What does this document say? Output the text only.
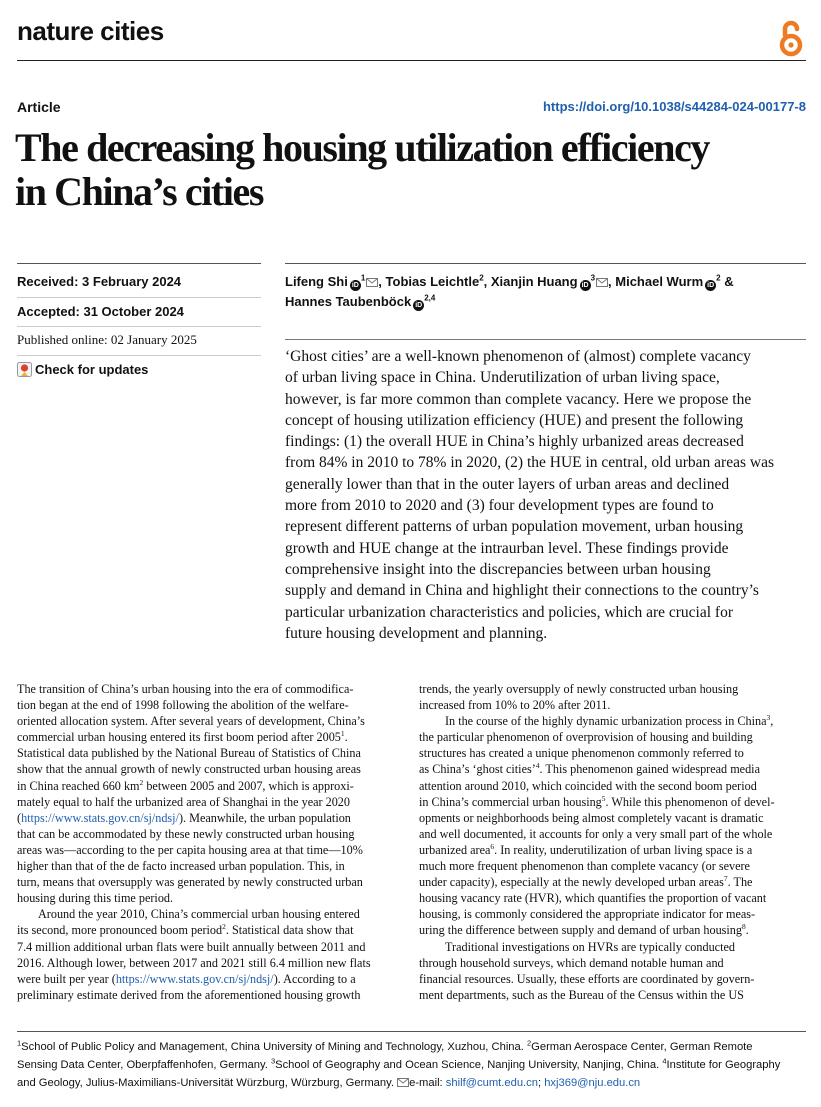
nature cities
Article	https://doi.org/10.1038/s44284-024-00177-8
The decreasing housing utilization efficiency
in China’s cities
Received: 3 February 2024
Accepted: 31 October 2024
Published online: 02 January 2025
Check for updates
Lifeng Shi $iD^1$ , Tobias Leichtle$^2$, Xianjin Huang $iD^3$ , Michael Wurm $iD^2$ &
Hannes Taubenböck iD$^{2,4}$

‘Ghost cities’ are a well-known phenomenon of (almost) complete vacancy
of urban living space in China. Underutilization of urban living space,
however, is far more common than complete vacancy. Here we propose the
concept of housing utilization efficiency (HUE) and present the following
findings: (1) the overall HUE in China’s highly urbanized areas decreased
from 84% in 2010 to 78% in 2020, (2) the HUE in central, old urban areas was
generally lower than that in the outer layers of urban areas and declined
more from 2010 to 2020 and (3) four development types are found to
represent different patterns of urban population movement, urban housing
growth and HUE change at the intraurban level. These findings provide
comprehensive insight into the discrepancies between urban housing
supply and demand in China and highlight their connections to the country’s
particular urbanization characteristics and policies, which are crucial for
future housing development and planning.

The transition of China’s urban housing into the era of commodifica-
tion began at the end of 1998 following the abolition of the welfare-
oriented allocation system. After several years of development, China’s
commercial urban housing entered its first boom period after 2005$^1$.
Statistical data published by the National Bureau of Statistics of China
show that the annual growth of newly constructed urban housing areas
in China reached 660 $km^2$ between 2005 and 2007, which is approxi-
mately equal to half the urbanized area of Shanghai in the year 2020
(https://www.stats.gov.cn/sj/ndsj/). Meanwhile, the urban population
that can be accommodated by these newly constructed urban housing
areas was—according to the per capita housing area at that time—10%
higher than that of the de facto increased urban population. This, in
turn, means that oversupply was generated by newly constructed urban
housing during this time period.
Around the year 2010, China’s commercial urban housing entered
its second, more pronounced boom period$^2$. Statistical data show that
7.4 million additional urban flats were built annually between 2011 and
2016. Although lower, between 2017 and 2021 still 6.4 million new flats
were built per year (https://www.stats.gov.cn/sj/ndsj/). According to a
preliminary estimate derived from the aforementioned housing growth
trends, the yearly oversupply of newly constructed urban housing
increased from 10% to 20% after 2011.
In the course of the highly dynamic urbanization process in China$^3$,
the particular phenomenon of overprovision of housing and building
structures has created a unique phenomenon commonly referred to
as China’s ‘ghost cities’$^4$. This phenomenon gained widespread media
attention around 2010, which coincided with the second boom period
in China’s commercial urban housing$^5$. While this phenomenon of devel-
opments or neighborhoods being almost completely vacant is dramatic
and well documented, it accounts for only a very small part of the whole
urbanized area$^6$. In reality, underutilization of urban living space is a
much more frequent phenomenon than complete vacancy (or severe
under capacity), especially at the newly developed urban areas$^7$. The
housing vacancy rate (HVR), which quantifies the proportion of vacant
housing, is commonly considered the appropriate indicator for meas-
uring the difference between supply and demand of urban housing$^8$.
Traditional investigations on HVRs are typically conducted
through household surveys, which demand notable human and
financial resources. Usually, these efforts are coordinated by govern-
ment departments, such as the Bureau of the Census within the US
$^1$School of Public Policy and Management, China University of Mining and Technology, Xuzhou, China. $^2$German Aerospace Center, German Remote
Sensing Data Center, Oberpfaffenhofen, Germany. $^3$School of Geography and Ocean Science, Nanjing University, Nanjing, China. $^4$Institute for Geography
and Geology, Julius-Maximilians-Universität Würzburg, Würzburg, Germany. e-mail: shilf@cumt.edu.cn; hxj369@nju.edu.cn
